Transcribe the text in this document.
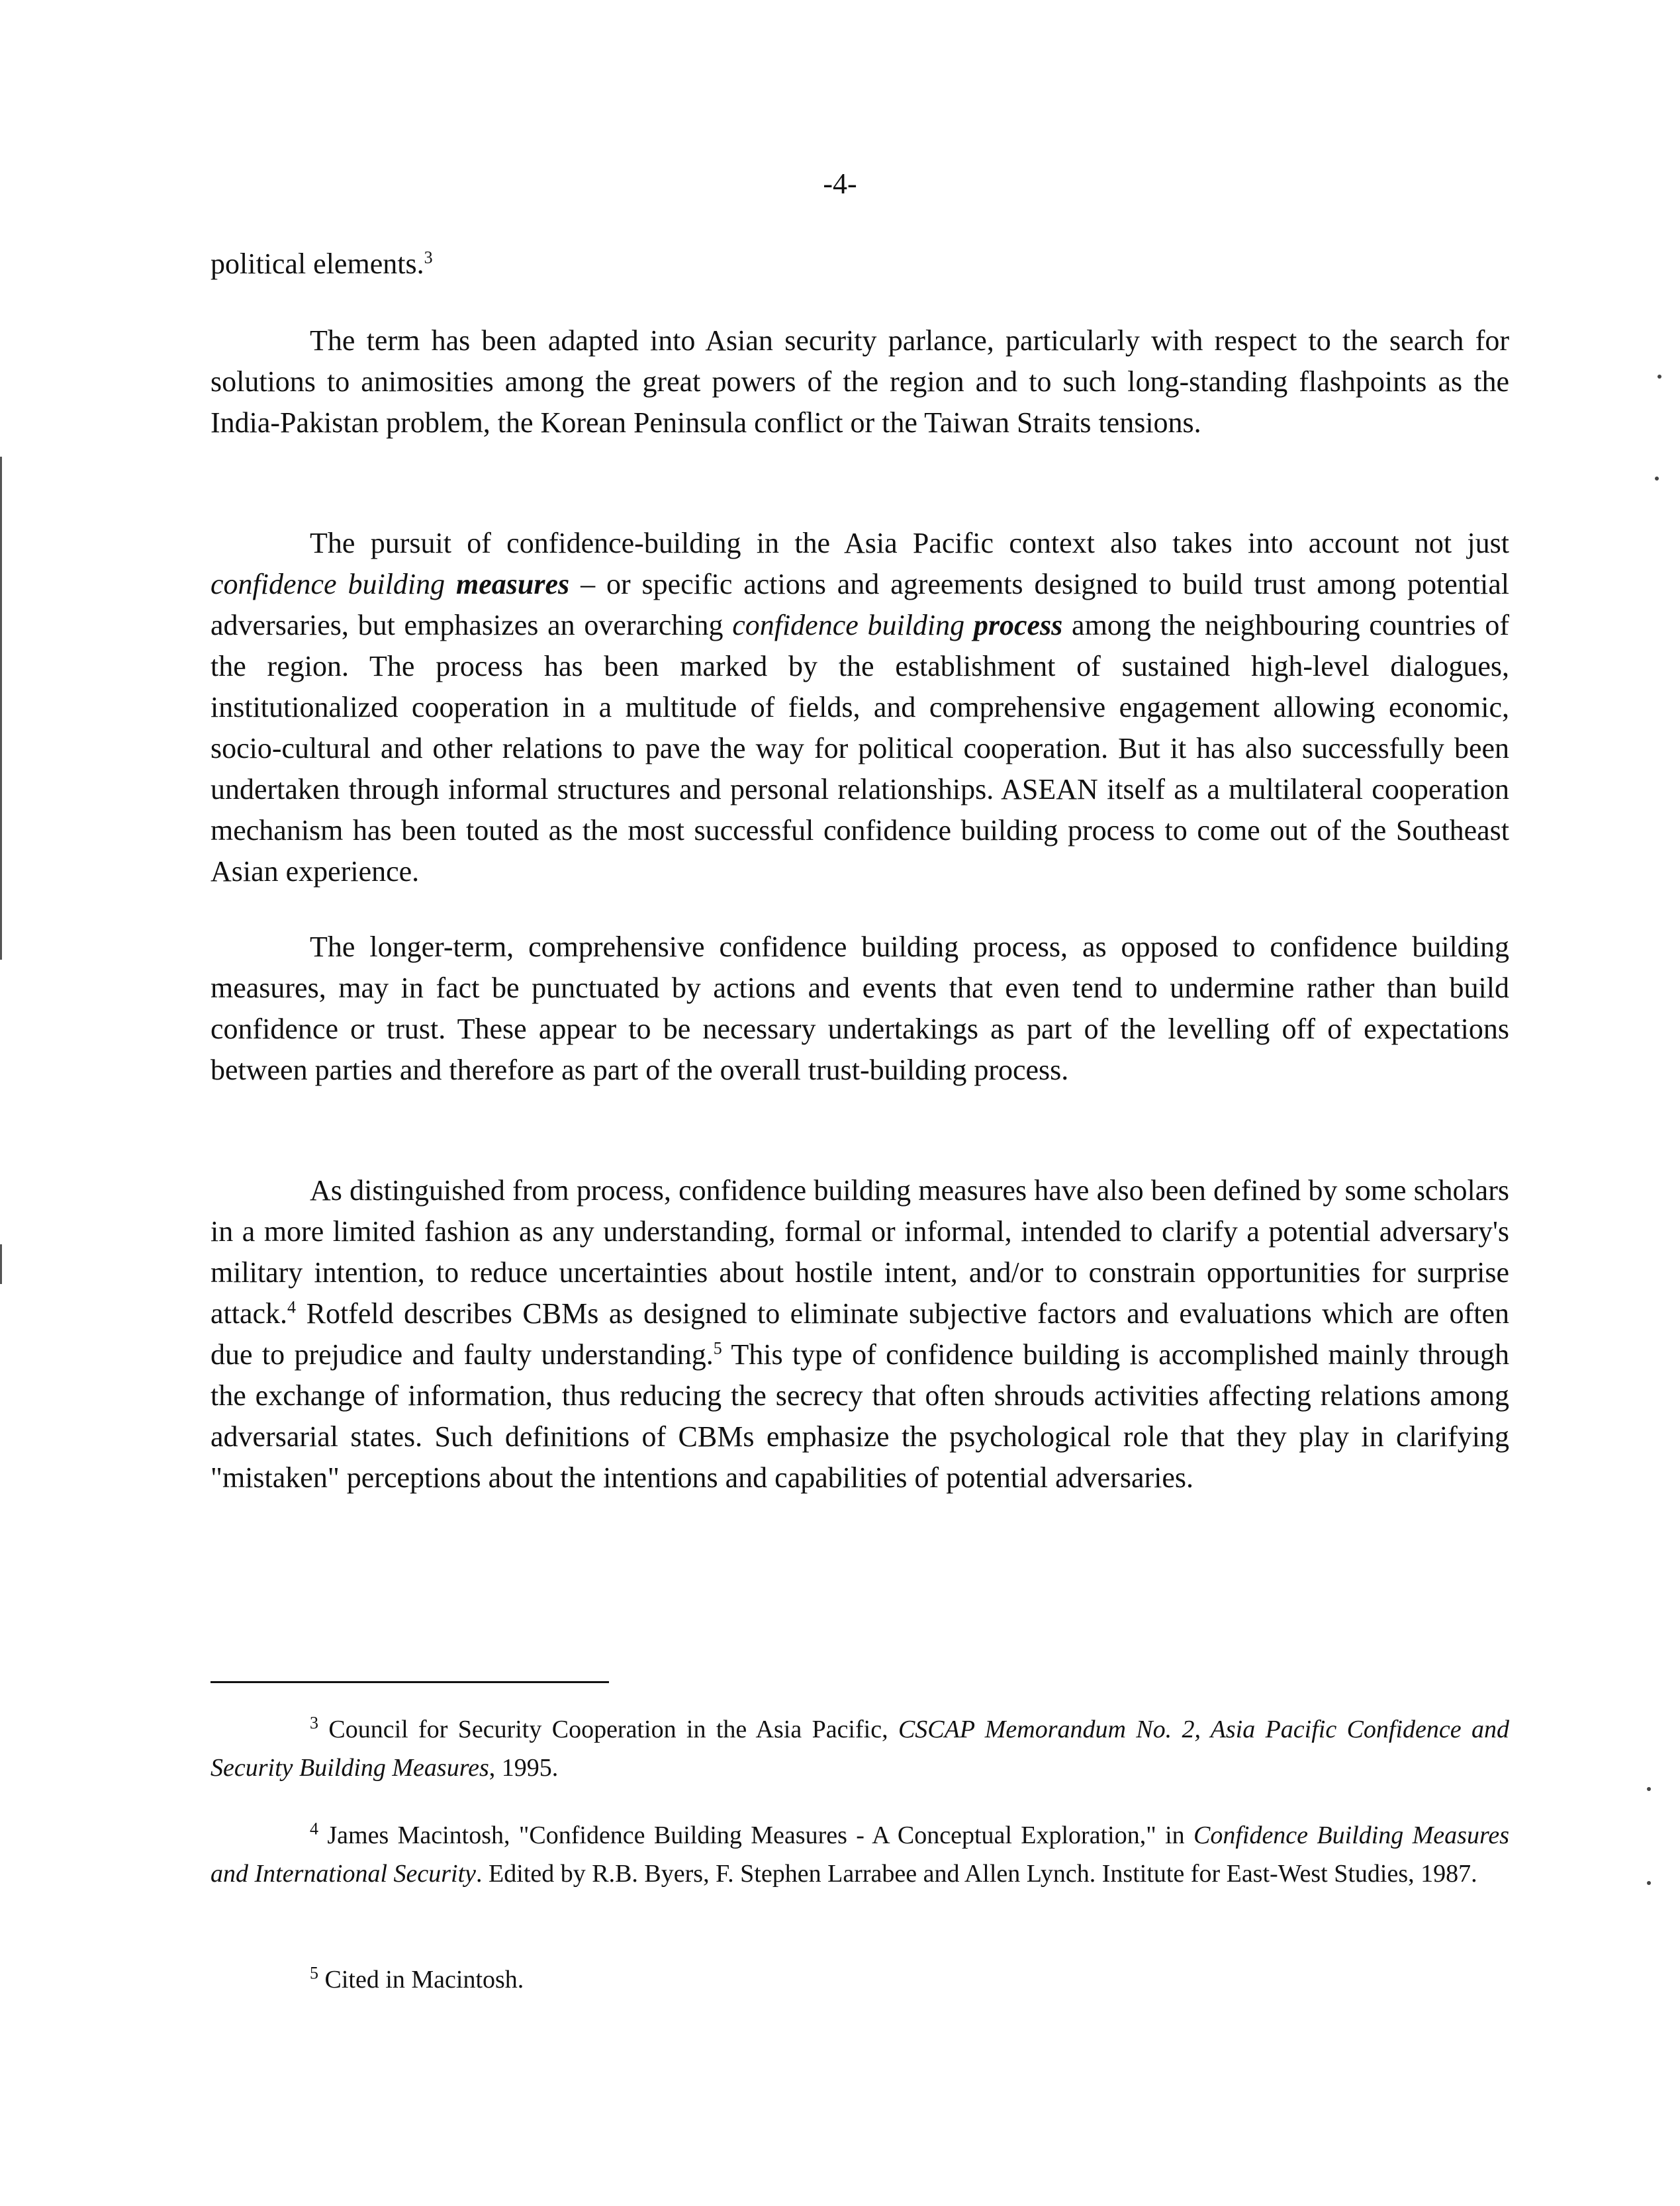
-4-

political elements.$^3$

The term has been adapted into Asian security parlance, particularly with respect to the search for solutions to animosities among the great powers of the region and to such long-standing flashpoints as the India-Pakistan problem, the Korean Peninsula conflict or the Taiwan Straits tensions.

The pursuit of confidence-building in the Asia Pacific context also takes into account not just confidence building measures – or specific actions and agreements designed to build trust among potential adversaries, but emphasizes an overarching confidence building process among the neighbouring countries of the region. The process has been marked by the establishment of sustained high-level dialogues, institutionalized cooperation in a multitude of fields, and comprehensive engagement allowing economic, socio-cultural and other relations to pave the way for political cooperation. But it has also successfully been undertaken through informal structures and personal relationships. ASEAN itself as a multilateral cooperation mechanism has been touted as the most successful confidence building process to come out of the Southeast Asian experience.

The longer-term, comprehensive confidence building process, as opposed to confidence building measures, may in fact be punctuated by actions and events that even tend to undermine rather than build confidence or trust. These appear to be necessary undertakings as part of the levelling off of expectations between parties and therefore as part of the overall trust-building process.

As distinguished from process, confidence building measures have also been defined by some scholars in a more limited fashion as any understanding, formal or informal, intended to clarify a potential adversary's military intention, to reduce uncertainties about hostile intent, and/or to constrain opportunities for surprise attack.$^4$ Rotfeld describes CBMs as designed to eliminate subjective factors and evaluations which are often due to prejudice and faulty understanding.$^5$ This type of confidence building is accomplished mainly through the exchange of information, thus reducing the secrecy that often shrouds activities affecting relations among adversarial states. Such definitions of CBMs emphasize the psychological role that they play in clarifying "mistaken" perceptions about the intentions and capabilities of potential adversaries.

$^3$ Council for Security Cooperation in the Asia Pacific, CSCAP Memorandum No. 2, Asia Pacific Confidence and Security Building Measures, 1995.

$^4$ James Macintosh, "Confidence Building Measures - A Conceptual Exploration," in Confidence Building Measures and International Security. Edited by R.B. Byers, F. Stephen Larrabee and Allen Lynch. Institute for East-West Studies, 1987.

$^5$ Cited in Macintosh.
